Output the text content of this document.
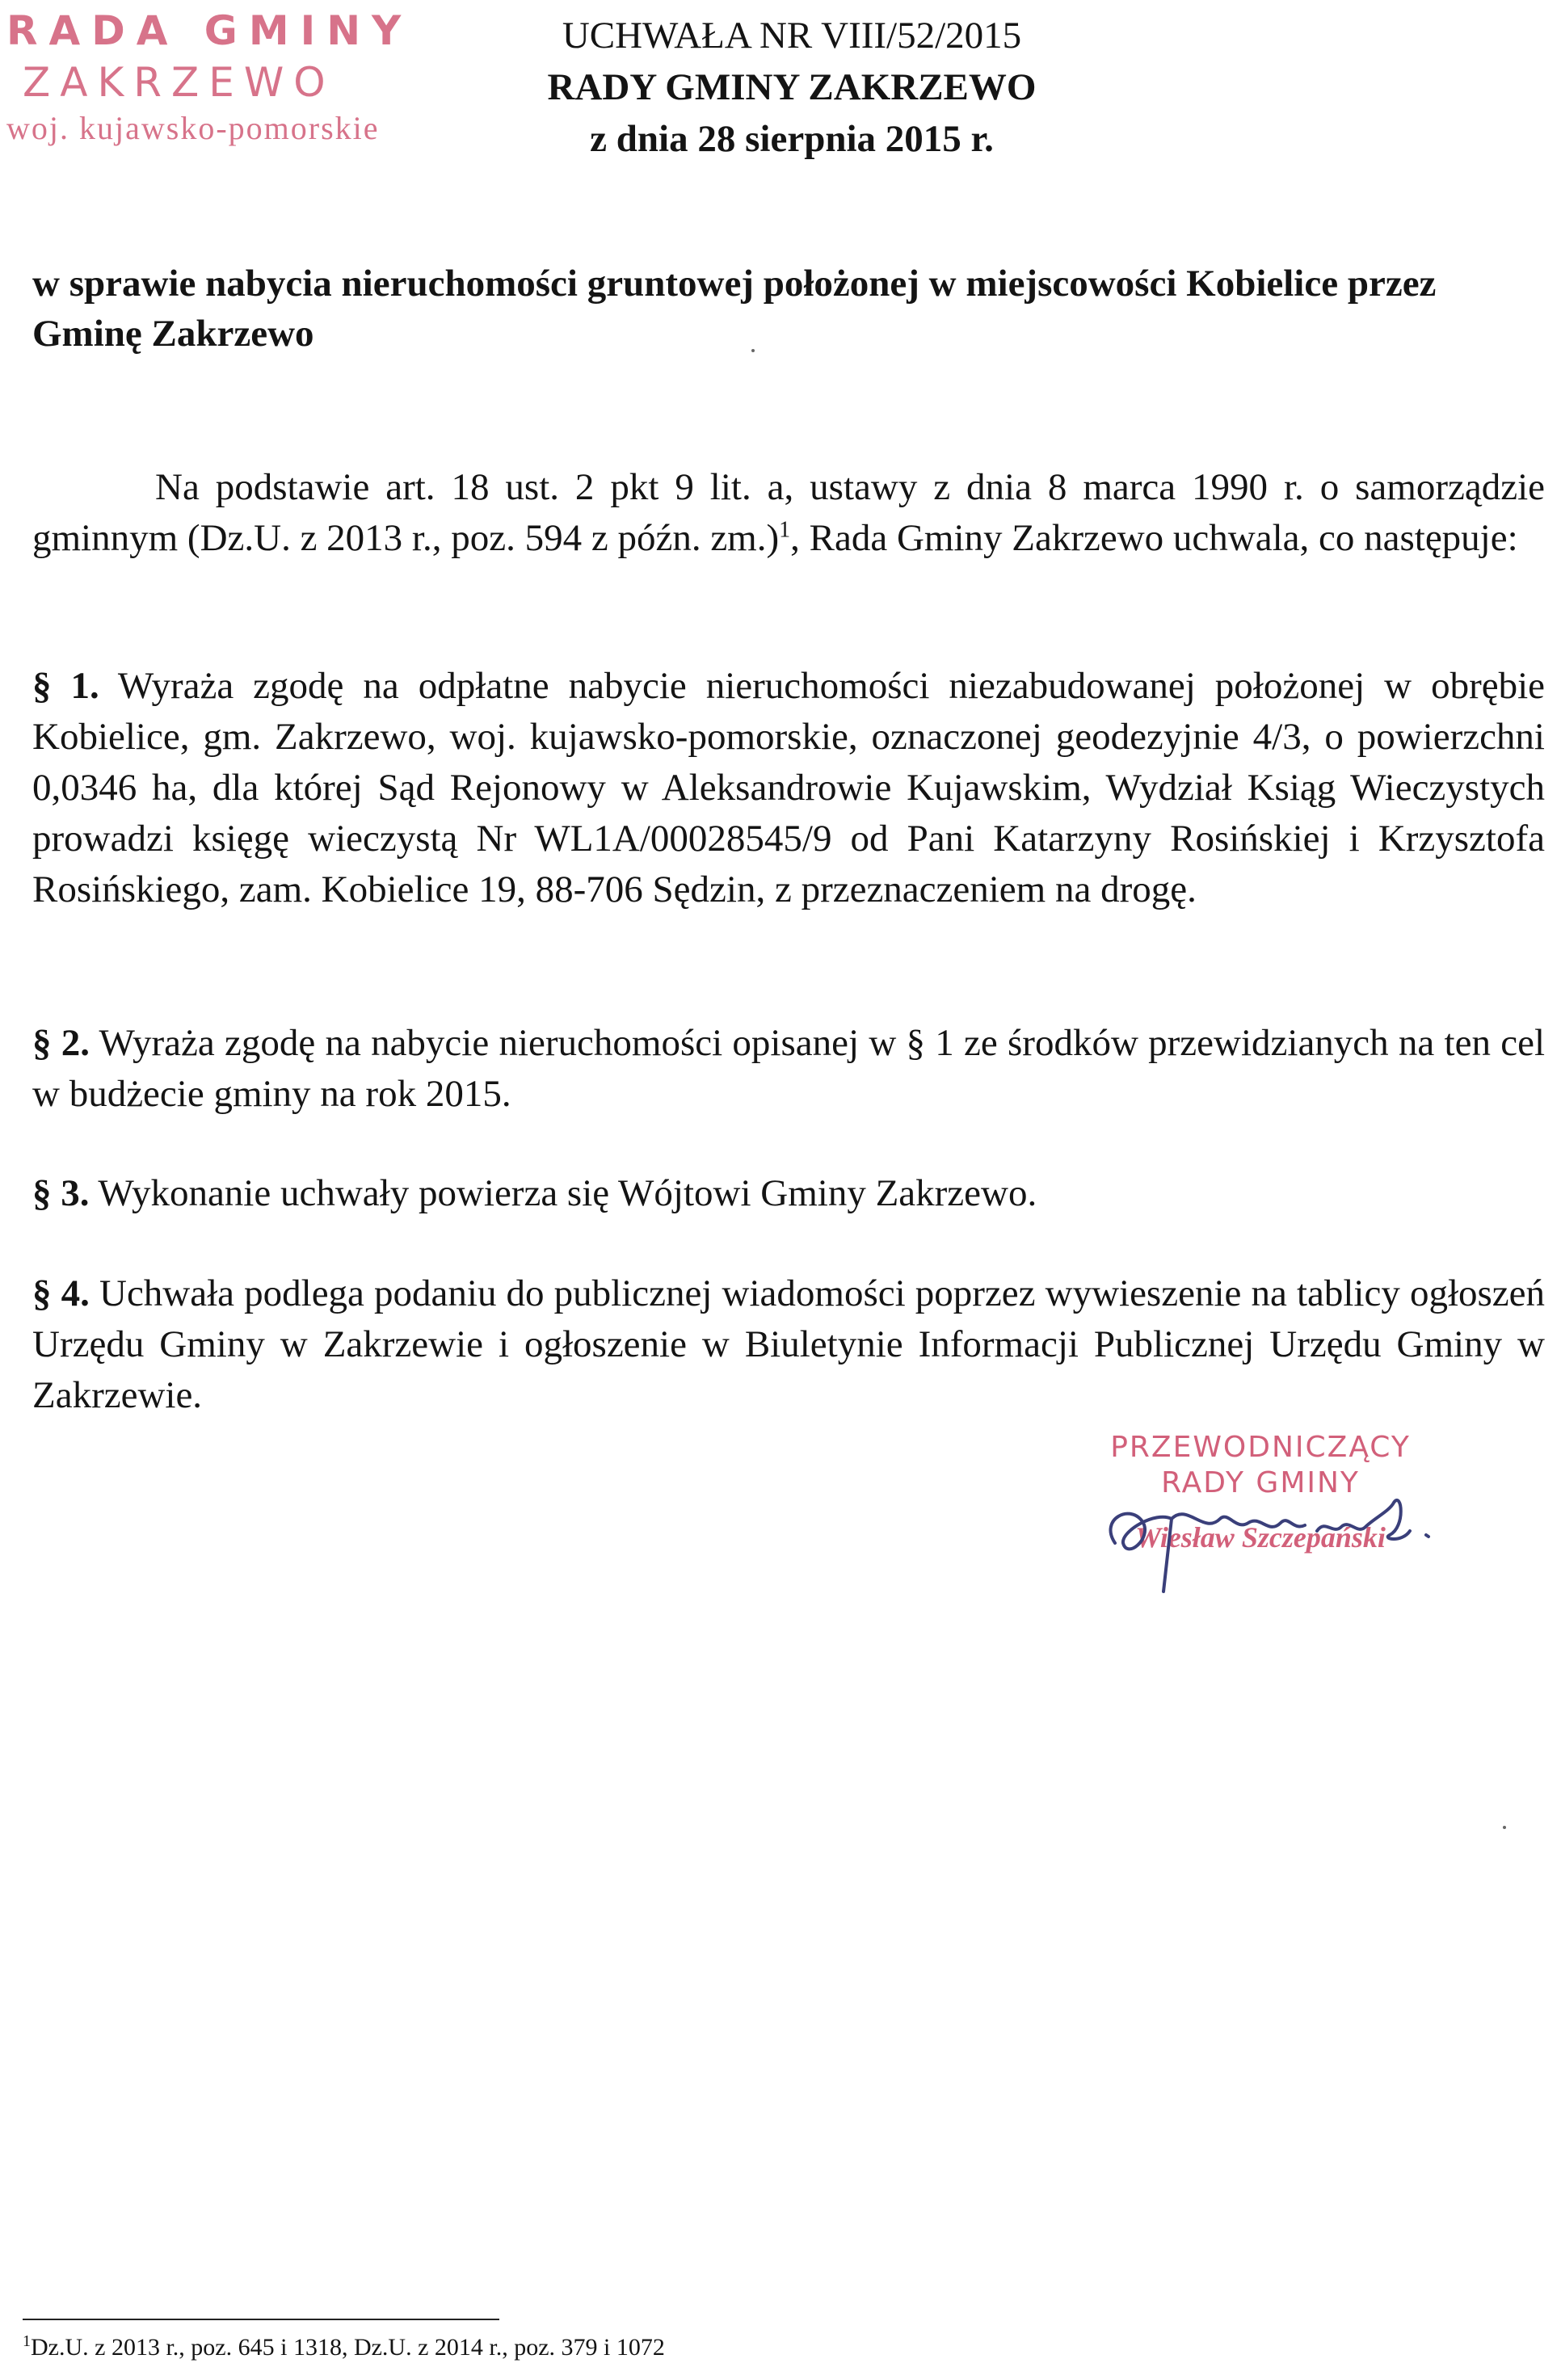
RADA GMINY
ZAKRZEWO
woj. kujawsko-pomorskie
UCHWAŁA NR VIII/52/2015
RADY GMINY ZAKRZEWO
z dnia 28 sierpnia 2015 r.
w sprawie nabycia nieruchomości gruntowej położonej w miejscowości Kobielice przez Gminę Zakrzewo
Na podstawie art. 18 ust. 2 pkt 9 lit. a, ustawy z dnia 8 marca 1990 r. o samorządzie gminnym (Dz.U. z 2013 r., poz. 594 z późn. zm.)$^1$, Rada Gminy Zakrzewo uchwala, co następuje:
§ 1. Wyraża zgodę na odpłatne nabycie nieruchomości niezabudowanej położonej w obrębie Kobielice, gm. Zakrzewo, woj. kujawsko-pomorskie, oznaczonej geodezyjnie 4/3, o powierzchni 0,0346 ha, dla której Sąd Rejonowy w Aleksandrowie Kujawskim, Wydział Ksiąg Wieczystych prowadzi księgę wieczystą Nr WL1A/00028545/9 od Pani Katarzyny Rosińskiej i Krzysztofa Rosińskiego, zam. Kobielice 19, 88-706 Sędzin, z przeznaczeniem na drogę.
§ 2. Wyraża zgodę na nabycie nieruchomości opisanej w § 1 ze środków przewidzianych na ten cel w budżecie gminy na rok 2015.
§ 3. Wykonanie uchwały powierza się Wójtowi Gminy Zakrzewo.
§ 4. Uchwała podlega podaniu do publicznej wiadomości poprzez wywieszenie na tablicy ogłoszeń Urzędu Gminy w Zakrzewie i ogłoszenie w Biuletynie Informacji Publicznej Urzędu Gminy w Zakrzewie.
PRZEWODNICZĄCY
RADY GMINY
Wiesław Szczepański
$^1$Dz.U. z 2013 r., poz. 645 i 1318, Dz.U. z 2014 r., poz. 379 i 1072
